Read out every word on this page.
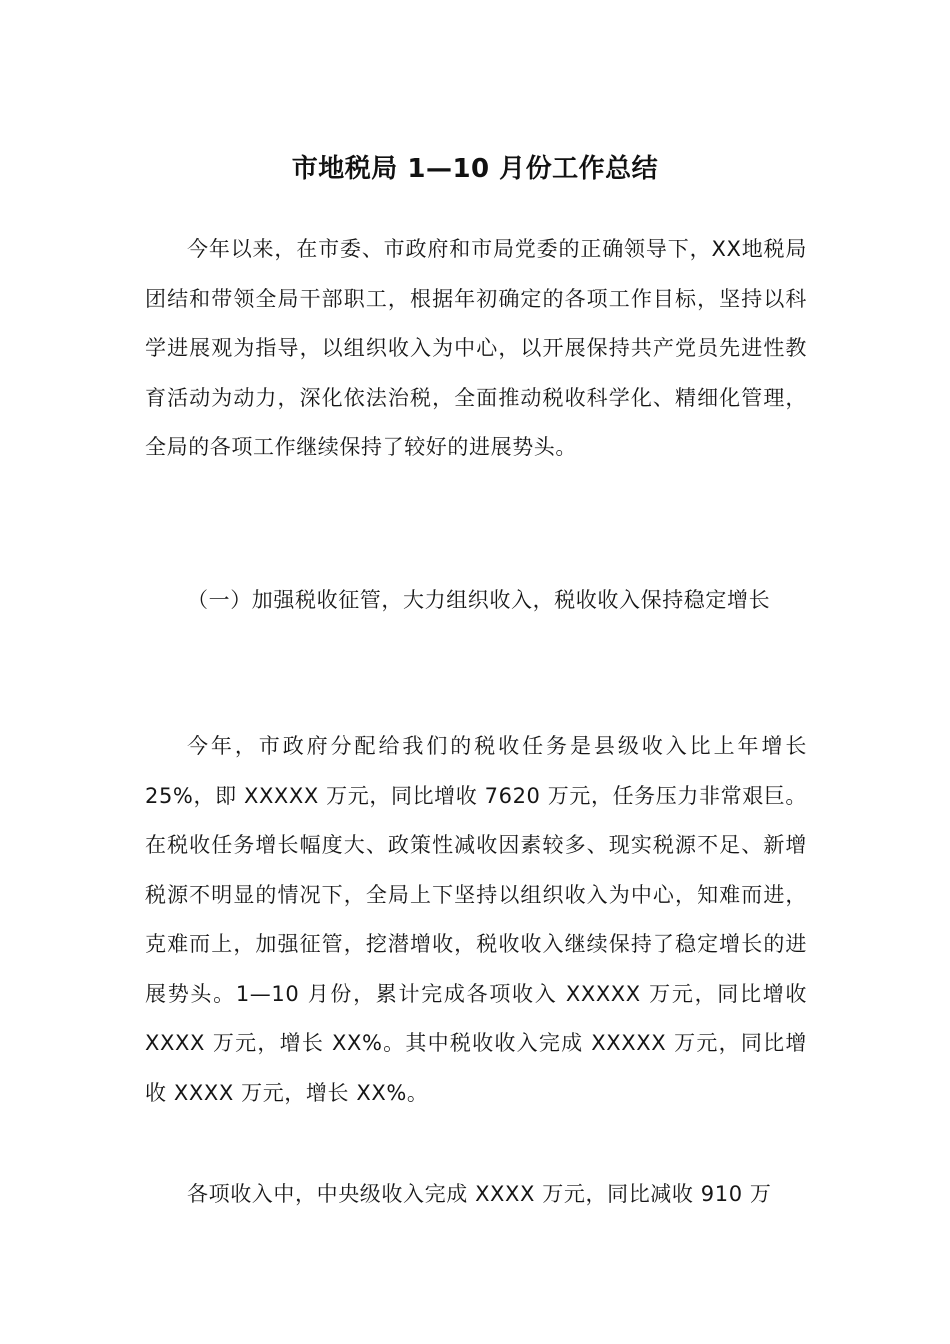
市地税局 1—10 月份工作总结

今年以来，在市委、市政府和市局党委的正确领导下，XX地税局团结和带领全局干部职工，根据年初确定的各项工作目标，坚持以科学进展观为指导，以组织收入为中心，以开展保持共产党员先进性教育活动为动力，深化依法治税，全面推动税收科学化、精细化管理，全局的各项工作继续保持了较好的进展势头。

（一）加强税收征管，大力组织收入，税收收入保持稳定增长

今年，市政府分配给我们的税收任务是县级收入比上年增长 25%，即 XXXXX 万元，同比增收 7620 万元，任务压力非常艰巨。在税收任务增长幅度大、政策性减收因素较多、现实税源不足、新增税源不明显的情况下，全局上下坚持以组织收入为中心，知难而进，克难而上，加强征管，挖潜增收，税收收入继续保持了稳定增长的进展势头。1—10 月份，累计完成各项收入 XXXXX 万元，同比增收 XXXX 万元，增长 XX%。其中税收收入完成 XXXXX 万元，同比增收 XXXX 万元，增长 XX%。

各项收入中，中央级收入完成 XXXX 万元，同比减收 910 万
